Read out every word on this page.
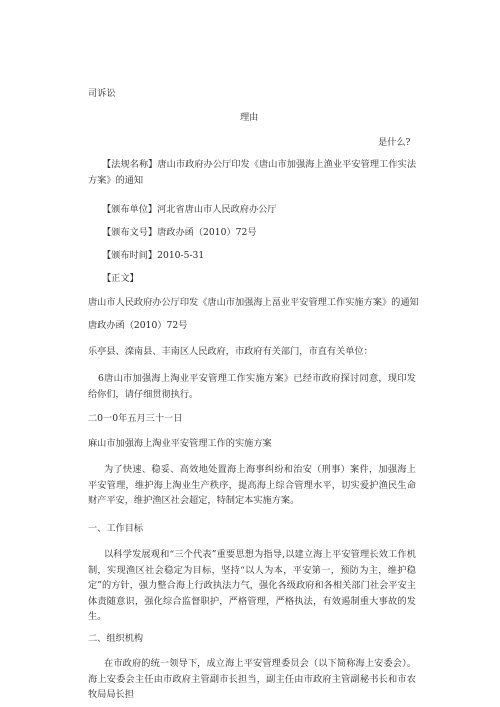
司诉讼

理由

是什么?

【法规名称】唐山市政府办公厅印发《唐山市加强海上渔业平安管理工作实法方案》的通知

【颁布单位】河北省唐山市人民政府办公厅

【颁布文号】唐政办函（2010）72号

【颁布时间】2010-5-31

【正文】

唐山市人民政府办公厅印发《唐山市加强海上畐业平安管理工作实施方案》的通知

唐政办函（2010）72号

乐亭县、滦南县、丰南区人民政府，市政府有关部门，市直有关单位：

6唐山市加强海上淘业平安管理工作实施方案》已经市政府探讨同意，现印发给你们，请仔细贯彻执行。

二0一0年五月三十一日

麻山市加强海上淘业平安管理工作的实施方案

为了快速、稳妥、高效地处置海上海事纠纷和治安（刑事）案件，加强海上平安管理，维护海上淘业生产秩序，提高海上综合管理水平，切实爱护渔民生命财产平安，维护渔区社会超定，特制定本实施方案。

一、工作目标

以科学发展观和“三个代表”重要思想为指导,以建立海上平安管理长效工作机制，实现渔区社会稳定为目标，坚持“以人为本，平安第一，预防为主，维护稳定”的方针，强力整合海上行政执法力气，强化各级政府和各相关部门社会平安主体责随意识，强化综合监督职护，严格管理，严格执法，有效遏制重大事故的发生。

二、组织机构

在市政府的统一领导下，成立海上平安管理委员会（以下简称海上安委会）。海上安委会主任由市政府主管副市长担当，副主任由市政府主管副秘书长和市农牧局局长担
